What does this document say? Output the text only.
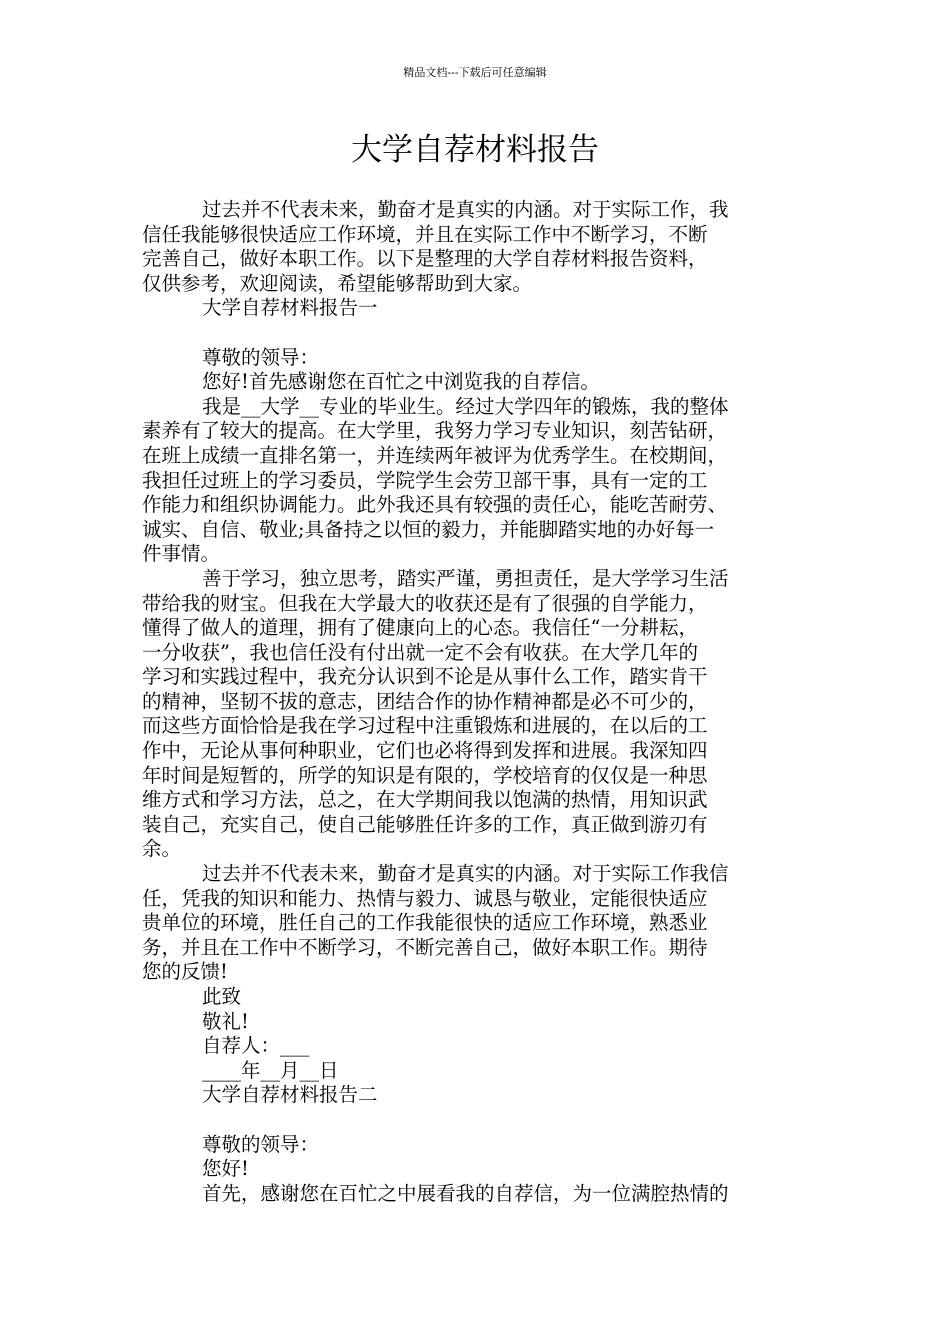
精品文档---下载后可任意编辑
大学自荐材料报告
过去并不代表未来，勤奋才是真实的内涵。对于实际工作，我
信任我能够很快适应工作环境，并且在实际工作中不断学习，不断
完善自己，做好本职工作。以下是整理的大学自荐材料报告资料，
仅供参考，欢迎阅读，希望能够帮助到大家。
大学自荐材料报告一
尊敬的领导：
您好!首先感谢您在百忙之中浏览我的自荐信。
我是__大学__专业的毕业生。经过大学四年的锻炼，我的整体
素养有了较大的提高。在大学里，我努力学习专业知识，刻苦钻研，
在班上成绩一直排名第一，并连续两年被评为优秀学生。在校期间，
我担任过班上的学习委员，学院学生会劳卫部干事，具有一定的工
作能力和组织协调能力。此外我还具有较强的责任心，能吃苦耐劳、
诚实、自信、敬业;具备持之以恒的毅力，并能脚踏实地的办好每一
件事情。
善于学习，独立思考，踏实严谨，勇担责任，是大学学习生活
带给我的财宝。但我在大学最大的收获还是有了很强的自学能力，
懂得了做人的道理，拥有了健康向上的心态。我信任“一分耕耘，
一分收获”，我也信任没有付出就一定不会有收获。在大学几年的
学习和实践过程中，我充分认识到不论是从事什么工作，踏实肯干
的精神，坚韧不拔的意志，团结合作的协作精神都是必不可少的，
而这些方面恰恰是我在学习过程中注重锻炼和进展的，在以后的工
作中，无论从事何种职业，它们也必将得到发挥和进展。我深知四
年时间是短暂的，所学的知识是有限的，学校培育的仅仅是一种思
维方式和学习方法，总之，在大学期间我以饱满的热情，用知识武
装自己，充实自己，使自己能够胜任许多的工作，真正做到游刃有
余。
过去并不代表未来，勤奋才是真实的内涵。对于实际工作我信
任，凭我的知识和能力、热情与毅力、诚恳与敬业，定能很快适应
贵单位的环境，胜任自己的工作我能很快的适应工作环境，熟悉业
务，并且在工作中不断学习，不断完善自己，做好本职工作。期待
您的反馈!
此致
敬礼!
自荐人：___
____年__月__日
大学自荐材料报告二
尊敬的领导：
您好!
首先，感谢您在百忙之中展看我的自荐信，为一位满腔热情的
